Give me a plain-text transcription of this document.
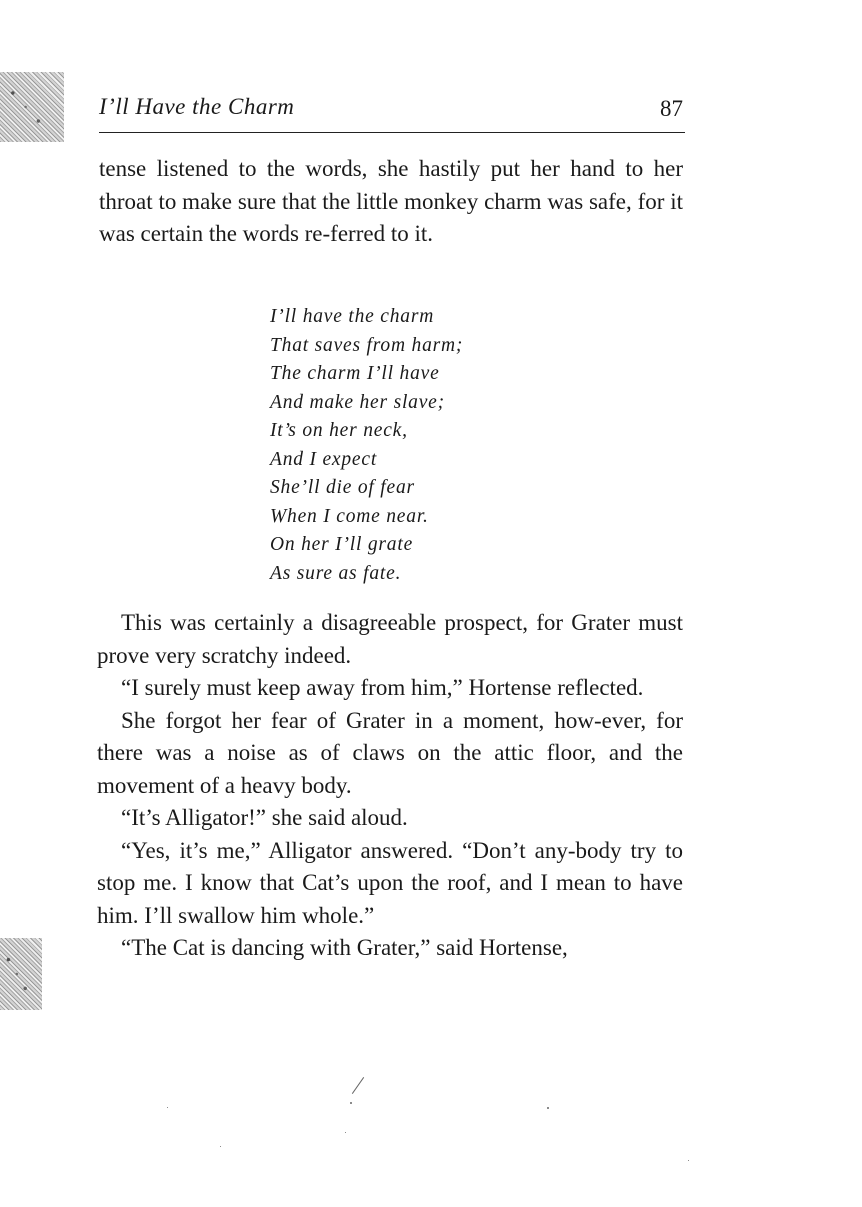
I’ll Have the Charm	87

tense listened to the words, she hastily put her hand to her throat to make sure that the little monkey charm was safe, for it was certain the words re-ferred to it.

I’ll have the charm
That saves from harm;
The charm I’ll have
And make her slave;
It’s on her neck,
And I expect
She’ll die of fear
When I come near.
On her I’ll grate
As sure as fate.

This was certainly a disagreeable prospect, for Grater must prove very scratchy indeed.

“I surely must keep away from him,” Hortense reflected.

She forgot her fear of Grater in a moment, how-ever, for there was a noise as of claws on the attic floor, and the movement of a heavy body.

“It’s Alligator!” she said aloud.

“Yes, it’s me,” Alligator answered. “Don’t any-body try to stop me. I know that Cat’s upon the roof, and I mean to have him. I’ll swallow him whole.”

“The Cat is dancing with Grater,” said Hortense,
